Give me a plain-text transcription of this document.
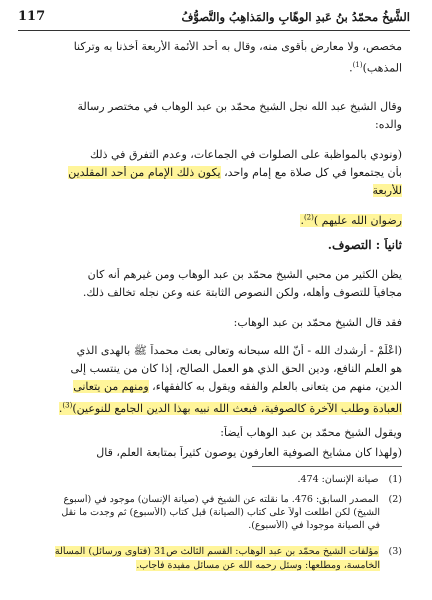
الشَّيخُ محمّدُ بنُ عَبدِ الوهّابِ والمَذاهِبُ والتَّصوُّفُ
117
مخصص، ولا معارض بأقوى منه، وقال به أحد الأئمة الأربعة أخذنا به وتركنا
المذهب)$^{(1)}$.
وقال الشيخ عبد الله نجل الشيخ محمّد بن عبد الوهاب في مختصر رسالة
والده:
(ونودي بالمواظبة على الصلوات في الجماعات، وعدم التفرق في ذلك
بأن يجتمعوا في كل صلاة مع إمام واحد، يكون ذلك الإمام من أحد المقلدين
للأربعة
رضوان الله عليهم )$^{(2)}$.
ثانياً : التصوف.
يظن الكثير من محبي الشيخ محمّد بن عبد الوهاب ومن غيرهم أنه كان
مجافياً للتصوف وأهله، ولكن النصوص الثابتة عنه وعن نجله تخالف ذلك.
فقد قال الشيخ محمّد بن عبد الوهاب:
(اعْلَمْ - أرشدك الله - أنّ الله سبحانه وتعالى بعث محمداً ﷺ بالهدى الذي
هو العلم النافع، ودين الحق الذي هو العمل الصالح، إذا كان من ينتسب إلى
الدين، منهم من يتعانى بالعلم والفقه ويقول به كالفقهاء، ومنهم من يتعانى
العبادة وطلب الآخرة كالصوفية، فبعث الله نبيه بهذا الدين الجامع للنوعين)$^{(3)}$.
ويقول الشيخ محمّد بن عبد الوهاب أيضاً:
(ولهذا كان مشايخ الصوفية العارفون يوصون كثيراً بمتابعة العلم، قال
(1)صيانة الإنسان: 474.
(2)المصدر السابق: 476. ما نقلته عن الشيخ في (صيانة الإنسان) موجود في (أسبوع
الشيخ) لكن اطلعت أولاً على كتاب (الصيانة) قبل كتاب (الأسبوع) ثم وجدت ما نقل
في الصيانة موجوداً في (الأسبوع).
(3)مؤلفات الشيخ محمّد بن عبد الوهاب: القسم الثالث ص31 (فتاوى ورسائل) المسألة
الخامسة، ومطلعها: وسئل رحمه الله عن مسائل مفيدة فأجاب.
